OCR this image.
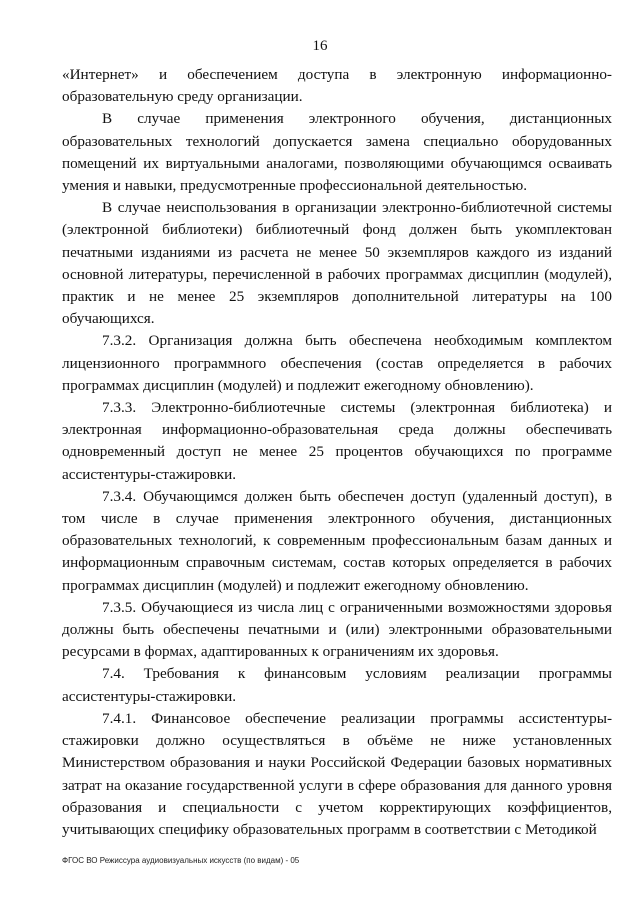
16

«Интернет» и обеспечением доступа в электронную информационно-образовательную среду организации.

В случае применения электронного обучения, дистанционных образовательных технологий допускается замена специально оборудованных помещений их виртуальными аналогами, позволяющими обучающимся осваивать умения и навыки, предусмотренные профессиональной деятельностью.

В случае неиспользования в организации электронно-библиотечной системы (электронной библиотеки) библиотечный фонд должен быть укомплектован печатными изданиями из расчета не менее 50 экземпляров каждого из изданий основной литературы, перечисленной в рабочих программах дисциплин (модулей), практик и не менее 25 экземпляров дополнительной литературы на 100 обучающихся.

7.3.2. Организация должна быть обеспечена необходимым комплектом лицензионного программного обеспечения (состав определяется в рабочих программах дисциплин (модулей) и подлежит ежегодному обновлению).

7.3.3. Электронно-библиотечные системы (электронная библиотека) и электронная информационно-образовательная среда должны обеспечивать одновременный доступ не менее 25 процентов обучающихся по программе ассистентуры-стажировки.

7.3.4. Обучающимся должен быть обеспечен доступ (удаленный доступ), в том числе в случае применения электронного обучения, дистанционных образовательных технологий, к современным профессиональным базам данных и информационным справочным системам, состав которых определяется в рабочих программах дисциплин (модулей) и подлежит ежегодному обновлению.

7.3.5. Обучающиеся из числа лиц с ограниченными возможностями здоровья должны быть обеспечены печатными и (или) электронными образовательными ресурсами в формах, адаптированных к ограничениям их здоровья.

7.4. Требования к финансовым условиям реализации программы ассистентуры-стажировки.

7.4.1. Финансовое обеспечение реализации программы ассистентуры-стажировки должно осуществляться в объёме не ниже установленных Министерством образования и науки Российской Федерации базовых нормативных затрат на оказание государственной услуги в сфере образования для данного уровня образования и специальности с учетом корректирующих коэффициентов, учитывающих специфику образовательных программ в соответствии с Методикой

ФГОС ВО Режиссура аудиовизуальных искусств (по видам) - 05
